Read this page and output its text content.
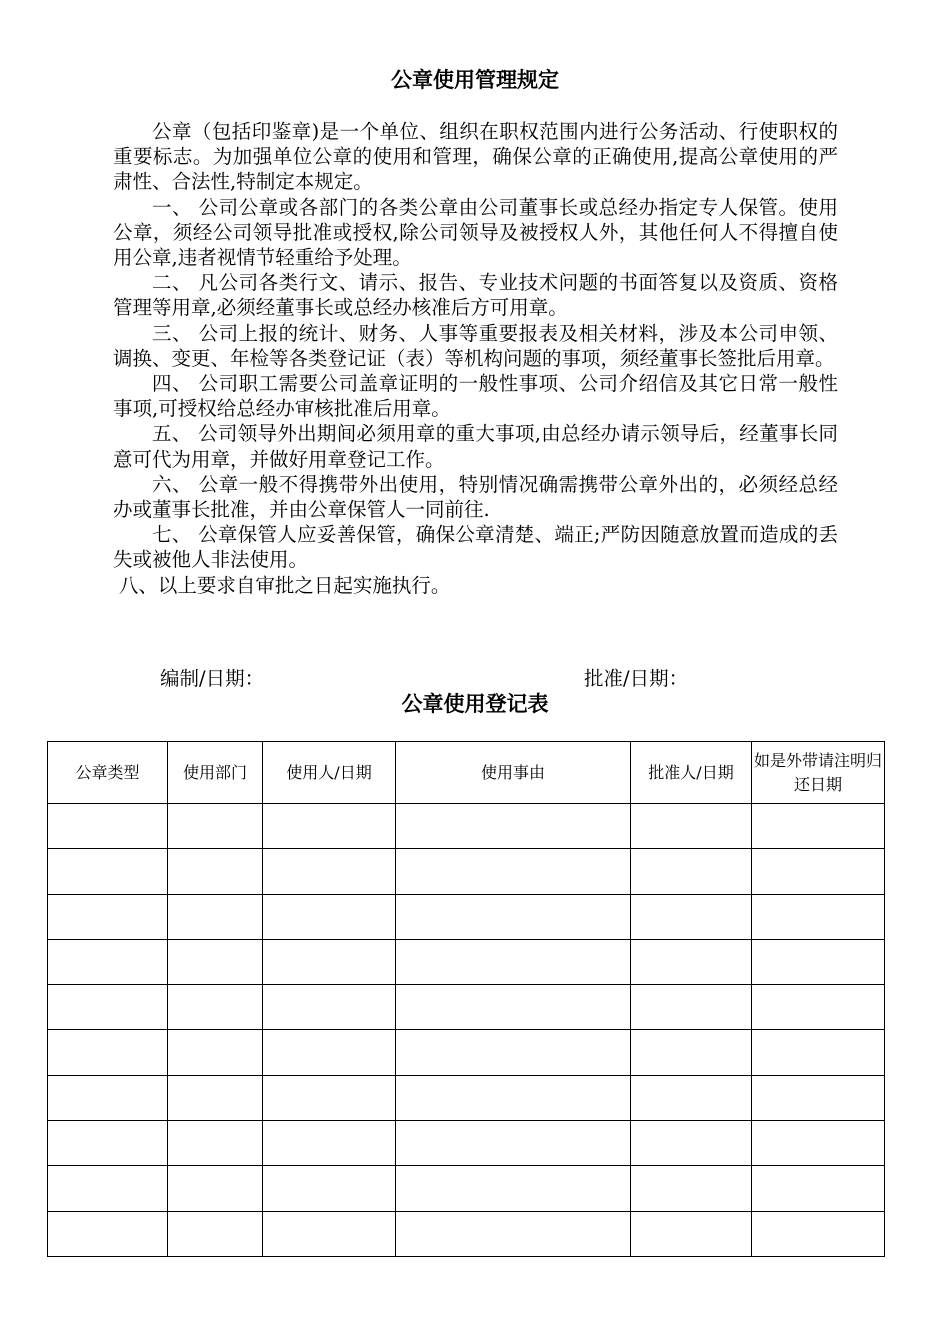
公章使用管理规定

公章（包括印鉴章)是一个单位、组织在职权范围内进行公务活动、行使职权的重要标志。为加强单位公章的使用和管理，确保公章的正确使用,提高公章使用的严肃性、合法性,特制定本规定。

一、 公司公章或各部门的各类公章由公司董事长或总经办指定专人保管。使用公章，须经公司领导批准或授权,除公司领导及被授权人外，其他任何人不得擅自使用公章,违者视情节轻重给予处理。

二、 凡公司各类行文、请示、报告、专业技术问题的书面答复以及资质、资格管理等用章,必须经董事长或总经办核准后方可用章。

三、 公司上报的统计、财务、人事等重要报表及相关材料，涉及本公司申领、调换、变更、年检等各类登记证（表）等机构问题的事项，须经董事长签批后用章。

四、 公司职工需要公司盖章证明的一般性事项、公司介绍信及其它日常一般性事项,可授权给总经办审核批准后用章。

五、 公司领导外出期间必须用章的重大事项,由总经办请示领导后，经董事长同意可代为用章，并做好用章登记工作。

六、 公章一般不得携带外出使用，特别情况确需携带公章外出的，必须经总经办或董事长批准，并由公章保管人一同前往.

七、 公章保管人应妥善保管，确保公章清楚、端正;严防因随意放置而造成的丢失或被他人非法使用。

八、以上要求自审批之日起实施执行。

编制/日期：	批准/日期：
公章使用登记表
公章类型	使用部门	使用人/日期	使用事由	批准人/日期	如是外带请注明归还日期
